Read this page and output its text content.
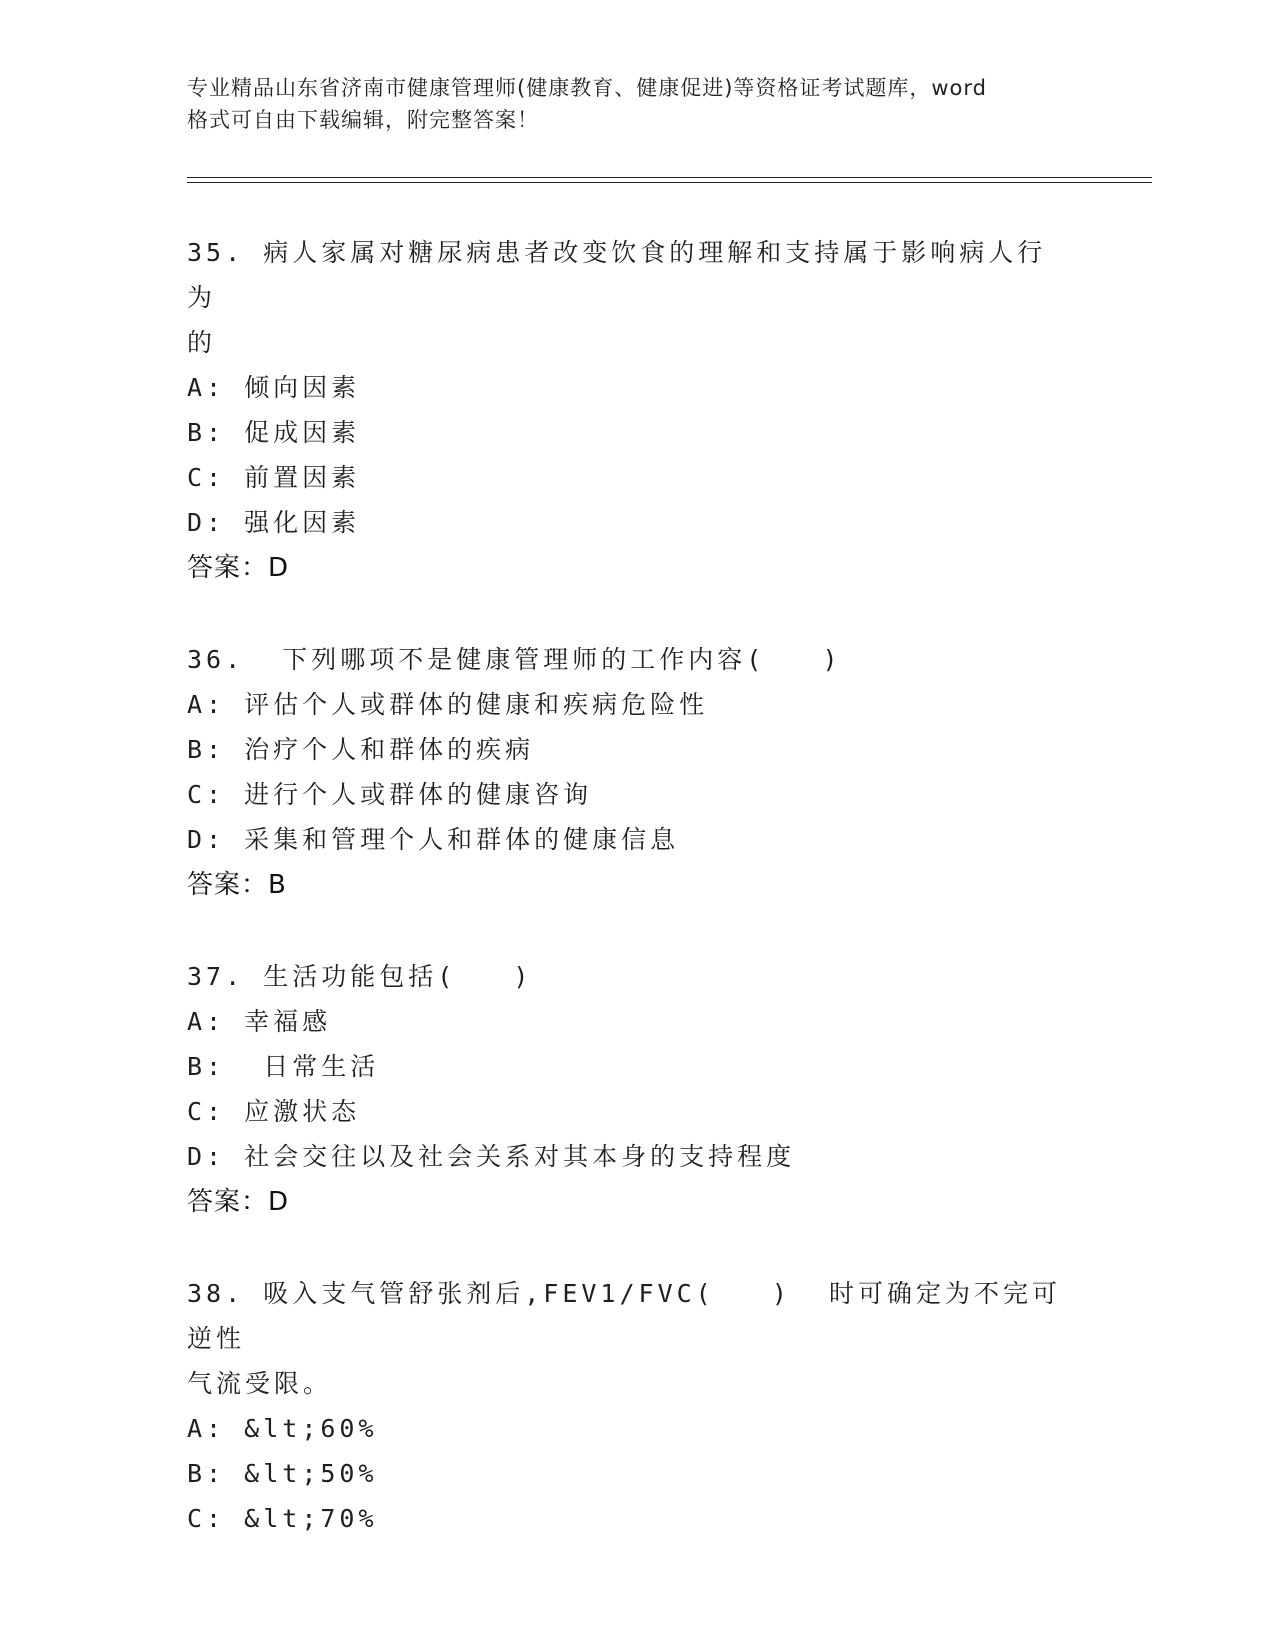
专业精品山东省济南市健康管理师(健康教育、健康促进)等资格证考试题库，word
格式可自由下载编辑，附完整答案！
35. 病人家属对糖尿病患者改变饮食的理解和支持属于影响病人行为
的
A: 倾向因素
B: 促成因素
C: 前置因素
D: 强化因素
答案：D
36.  下列哪项不是健康管理师的工作内容(   )
A: 评估个人或群体的健康和疾病危险性
B: 治疗个人和群体的疾病
C: 进行个人或群体的健康咨询
D: 采集和管理个人和群体的健康信息
答案：B
37. 生活功能包括(   )
A: 幸福感
B:  日常生活
C: 应激状态
D: 社会交往以及社会关系对其本身的支持程度
答案：D
38. 吸入支气管舒张剂后,FEV1/FVC(   )  时可确定为不完可逆性
气流受限。
A: &lt;60%
B: &lt;50%
C: &lt;70%
